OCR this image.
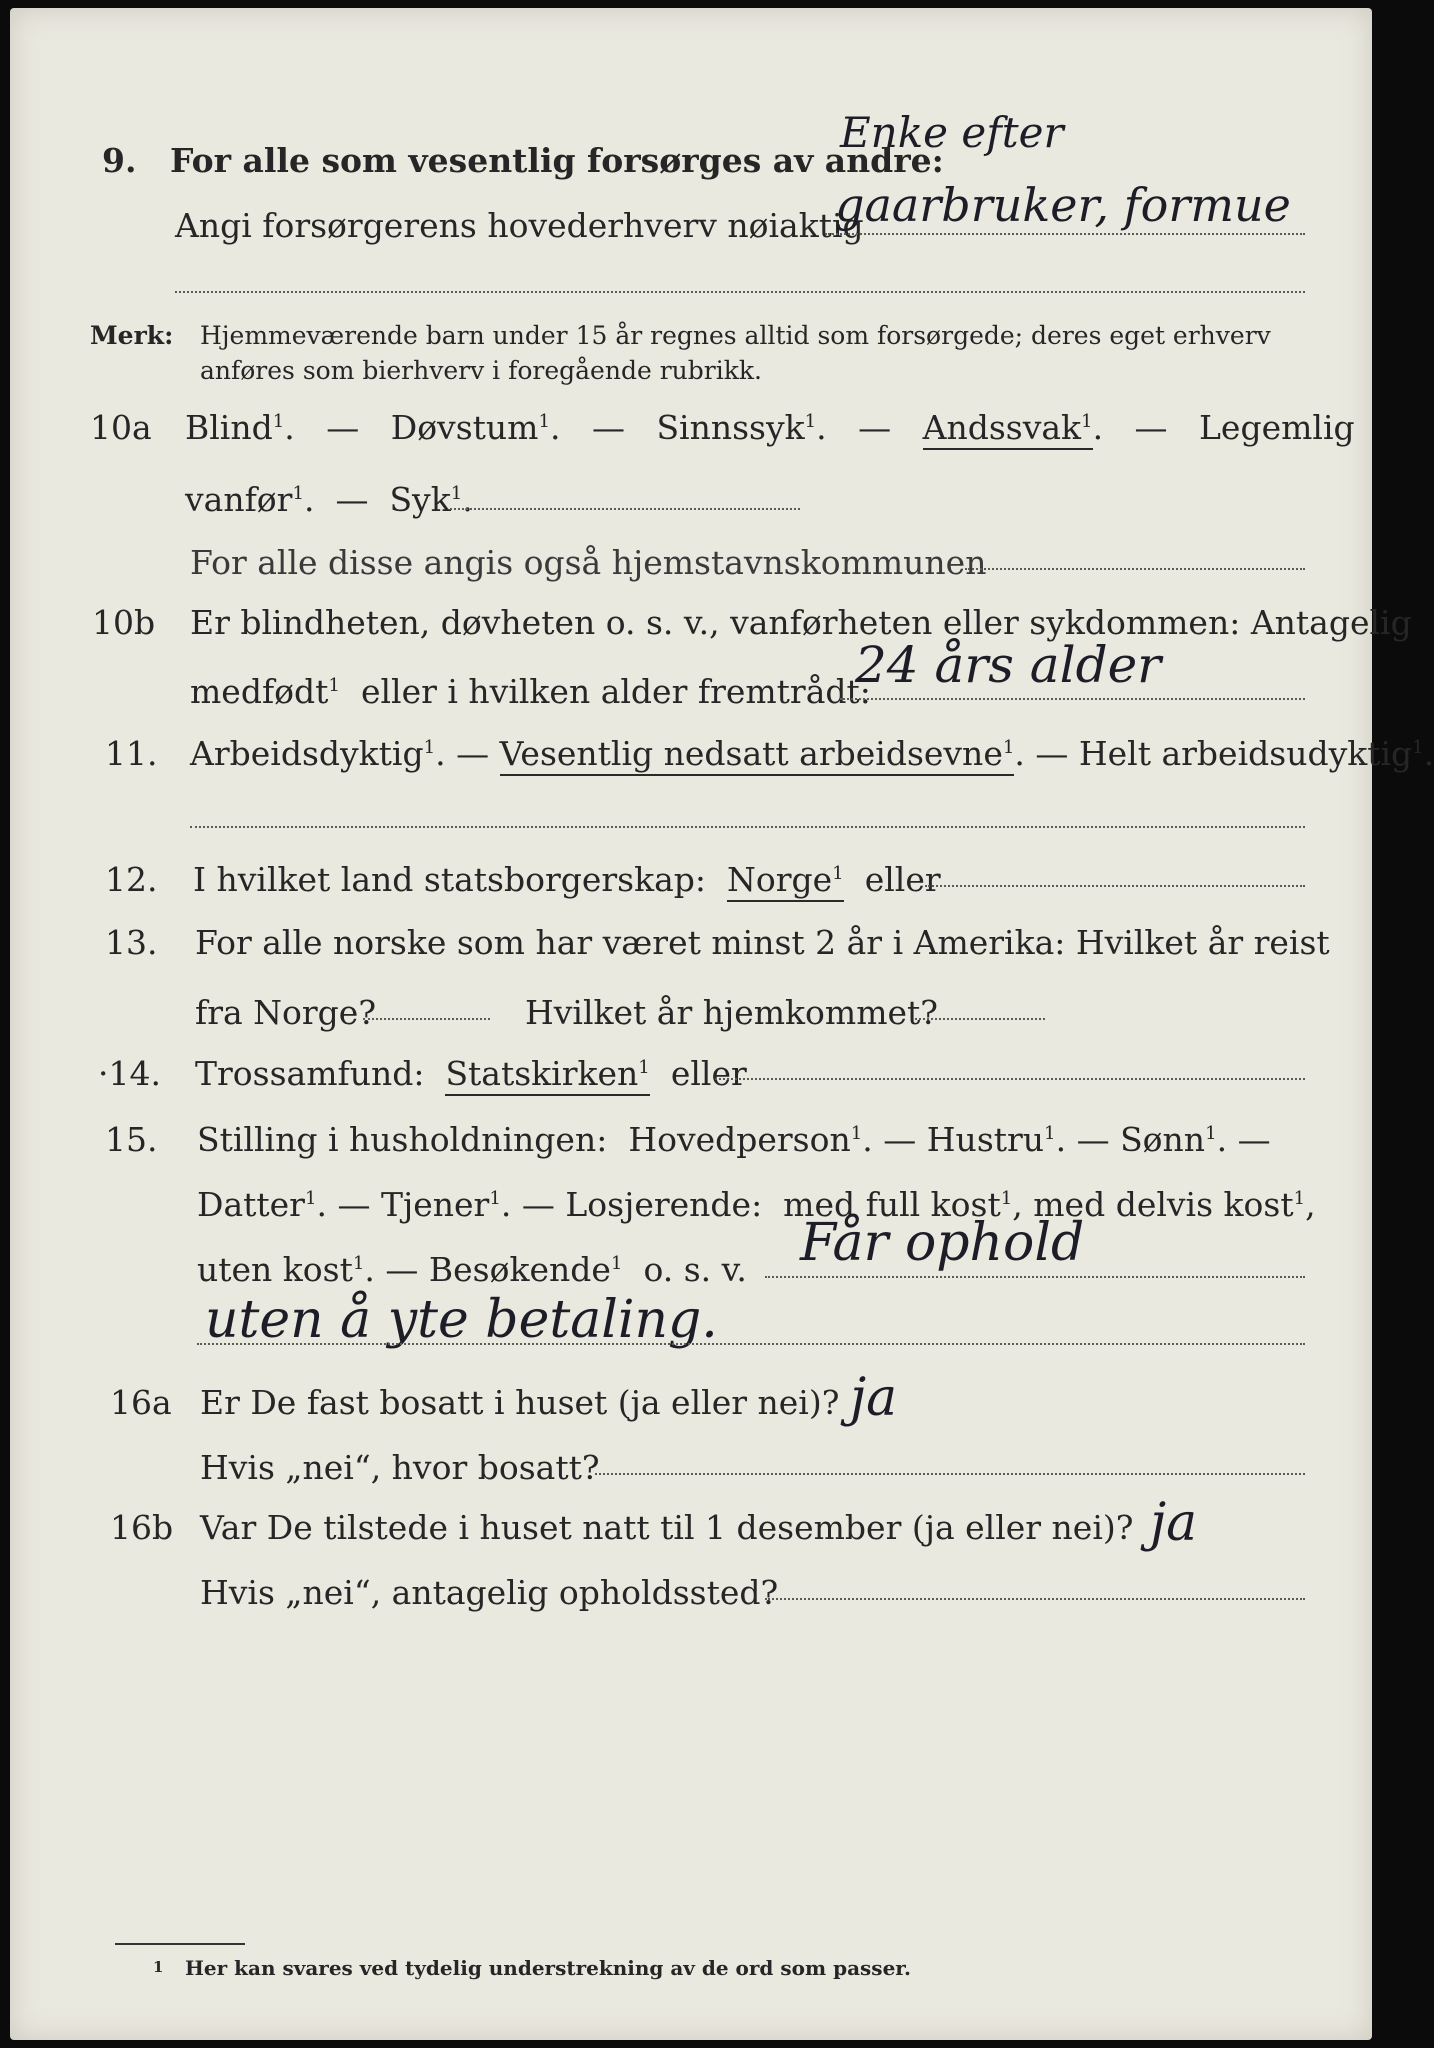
9. For alle som vesentlig forsørges av andre:
Enke efter
Angi forsørgerens hovederhverv nøiaktig
gaarbruker, formue
Merk: Hjemmeværende barn under 15 år regnes alltid som forsørgede; deres eget erhverv
anføres som bierhverv i foregående rubrikk.
10a Blind$^1$.   —   Døvstum$^1$.   —   Sinnssyk$^1$.   —   Andssvak$^1$.   —   Legemlig
vanfør$^1$.  —  Syk$^1$.
For alle disse angis også hjemstavnskommunen
10b Er blindheten, døvheten o. s. v., vanførheten eller sykdommen: Antagelig
medfødt$^1$ eller i hvilken alder fremtrådt:
24 års alder
11. Arbeidsdyktig$^1$. — Vesentlig nedsatt arbeidsevne$^1$. — Helt arbeidsudyktig$^1$.
12. I hvilket land statsborgerskap: Norge$^1$ eller
13. For alle norske som har været minst 2 år i Amerika: Hvilket år reist
fra Norge?	Hvilket år hjemkommet?
·14. Trossamfund: Statskirken$^1$ eller
15. Stilling i husholdningen: Hovedperson$^1$. — Hustru$^1$. — Sønn$^1$. —
Datter$^1$. — Tjener$^1$. — Losjerende: med full kost$^1$, med delvis kost$^1$,
uten kost$^1$. — Besøkende$^1$ o. s. v. Får ophold
uten å yte betaling.
16a Er De fast bosatt i huset (ja eller nei)? ja
Hvis „nei“, hvor bosatt?
16b Var De tilstede i huset natt til 1 desember (ja eller nei)? ja
Hvis „nei“, antagelig opholdssted?
1 Her kan svares ved tydelig understrekning av de ord som passer.
